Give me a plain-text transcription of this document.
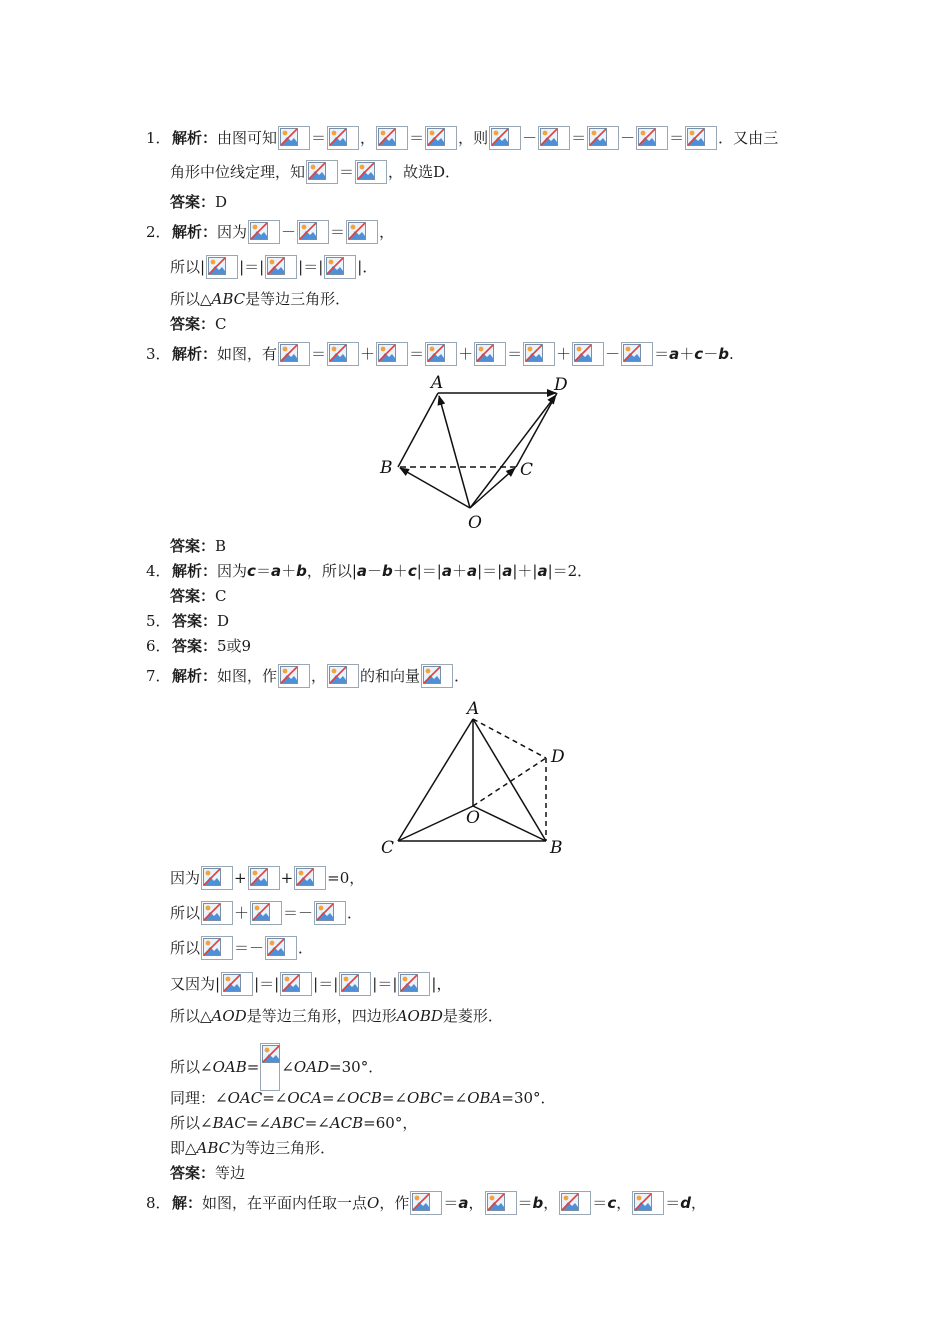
1． 解析： 由图可知 ＝ ， ＝ ，则 － ＝ － ＝ ．又由三
角形中位线定理，知 ＝ ，故选D．
答案： D
2． 解析： 因为 － ＝ ，
所以| |＝| |＝| |．
所以△ ABC 是等边三角形．
答案： C
3． 解析： 如图，有 ＝ ＋ ＝ ＋ ＝ ＋ － ＝ a ＋ c － b .
A	D
B	C
O
答案： B
4． 解析： 因为 c ＝ a ＋ b ，所以| a － b ＋ c |＝| a ＋ a |＝| a |＋| a |＝2．
答案： C
5． 答案： D
6． 答案： 5或9
7． 解析： 如图，作 ， 的和向量 ．
A
D
O
C	B
因为 + + =0，
所以 ＋ ＝－ ．
所以 ＝－ ．
又因为| |＝| |＝| |＝| |，
所以△ AOD 是等边三角形，四边形 AOBD 是菱形．
所以∠ OAB = ∠ OAD =30°．
同理：∠ OAC =∠ OCA =∠ OCB =∠ OBC =∠ OBA =30°．
所以∠ BAC =∠ ABC =∠ ACB =60°，
即△ ABC 为等边三角形．
答案： 等边
8． 解： 如图，在平面内任取一点 O ，作 ＝ a ， ＝ b ， ＝ c ， ＝ d ，
